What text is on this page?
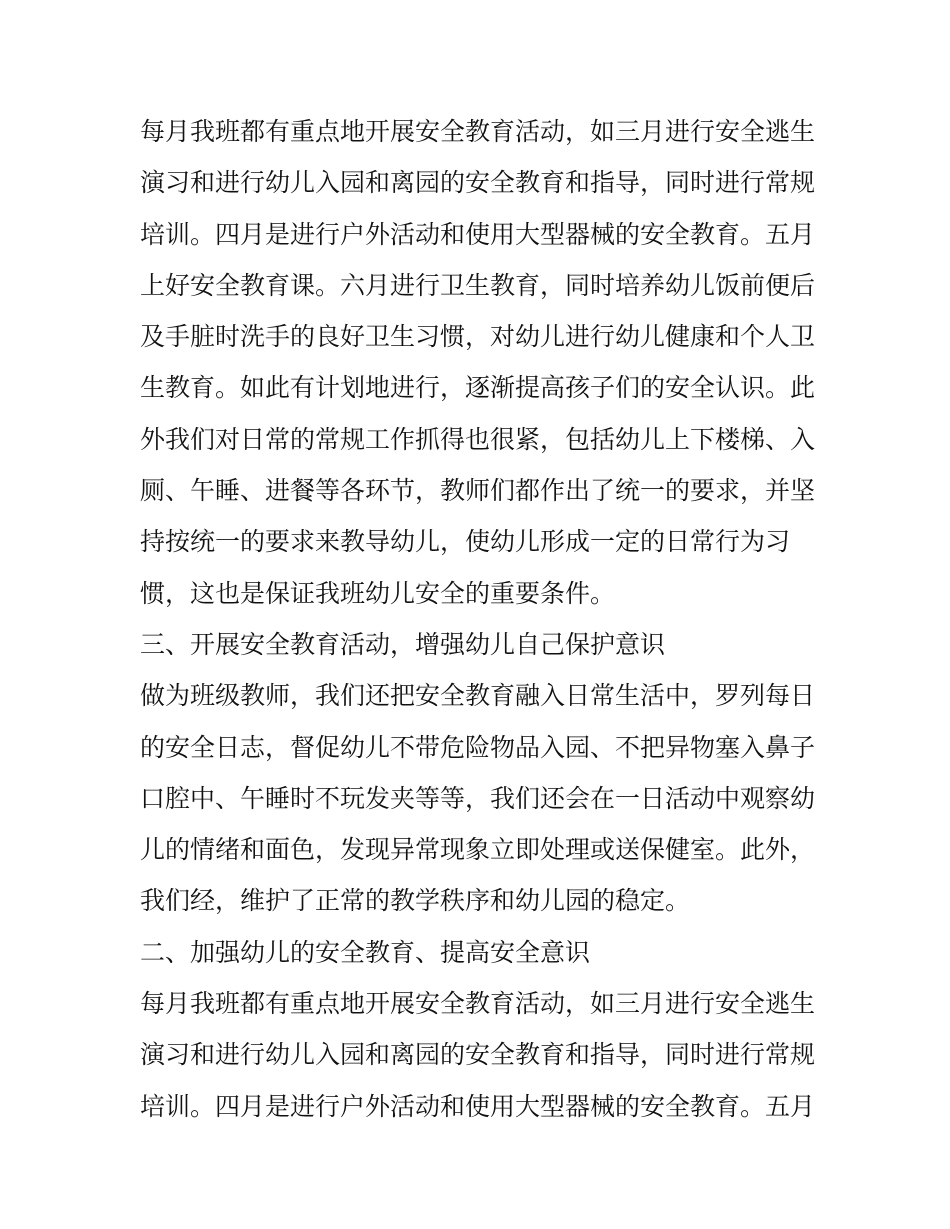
每月我班都有重点地开展安全教育活动，如三月进行安全逃生
演习和进行幼儿入园和离园的安全教育和指导，同时进行常规
培训。四月是进行户外活动和使用大型器械的安全教育。五月
上好安全教育课。六月进行卫生教育，同时培养幼儿饭前便后
及手脏时洗手的良好卫生习惯，对幼儿进行幼儿健康和个人卫
生教育。如此有计划地进行，逐渐提高孩子们的安全认识。此
外我们对日常的常规工作抓得也很紧，包括幼儿上下楼梯、入
厕、午睡、进餐等各环节，教师们都作出了统一的要求，并坚
持按统一的要求来教导幼儿，使幼儿形成一定的日常行为习
惯，这也是保证我班幼儿安全的重要条件。
三、开展安全教育活动，增强幼儿自己保护意识
做为班级教师，我们还把安全教育融入日常生活中，罗列每日
的安全日志，督促幼儿不带危险物品入园、不把异物塞入鼻子
口腔中、午睡时不玩发夹等等，我们还会在一日活动中观察幼
儿的情绪和面色，发现异常现象立即处理或送保健室。此外，
我们经，维护了正常的教学秩序和幼儿园的稳定。
二、加强幼儿的安全教育、提高安全意识
每月我班都有重点地开展安全教育活动，如三月进行安全逃生
演习和进行幼儿入园和离园的安全教育和指导，同时进行常规
培训。四月是进行户外活动和使用大型器械的安全教育。五月
